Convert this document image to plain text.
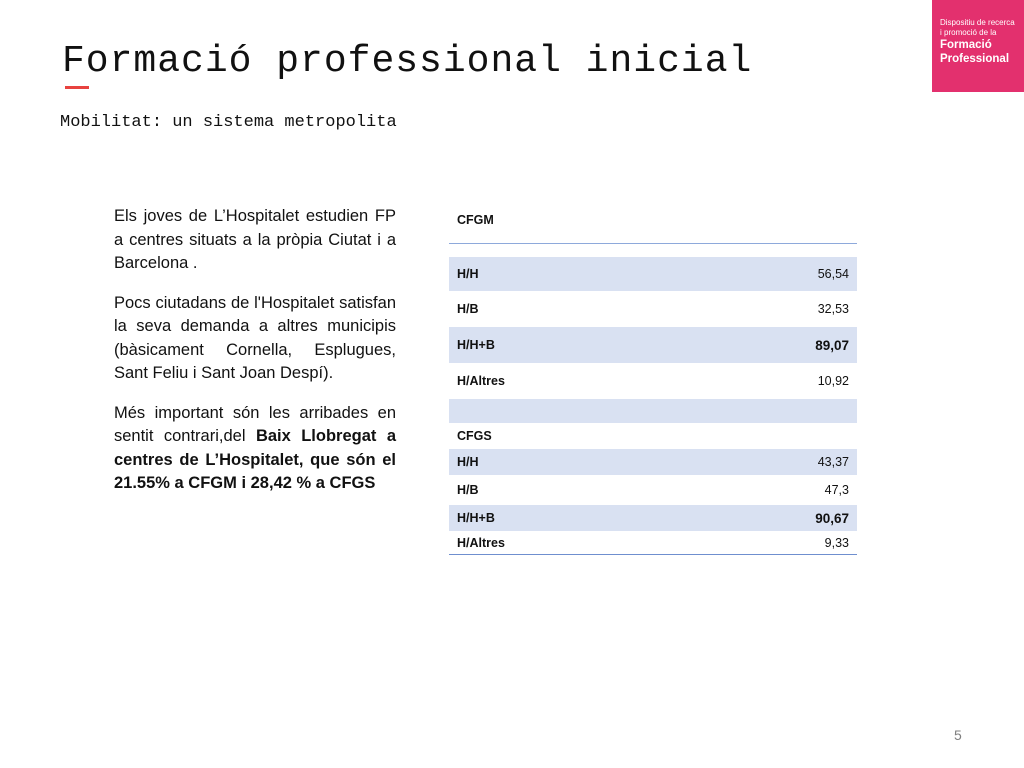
Formació professional inicial
Mobilitat: un sistema metropolita
Dispositiu de recerca
i promoció de la
Formació
Professional

Els joves de L’Hospitalet estudien FP a centres situats a la pròpia Ciutat i a Barcelona .

Pocs ciutadans de l'Hospitalet satisfan la seva demanda a altres municipis (bàsicament Cornella, Esplugues, Sant Feliu i Sant Joan Despí).

Més important són les arribades en sentit contrari,del Baix Llobregat a centres de L’Hospitalet, que són el 21.55% a CFGM i 28,42 % a CFGS

CFGM
H/H	56,54
H/B	32,53
H/H+B	89,07
H/Altres	10,92
CFGS
H/H	43,37
H/B	47,3
H/H+B	90,67
H/Altres	9,33
5
